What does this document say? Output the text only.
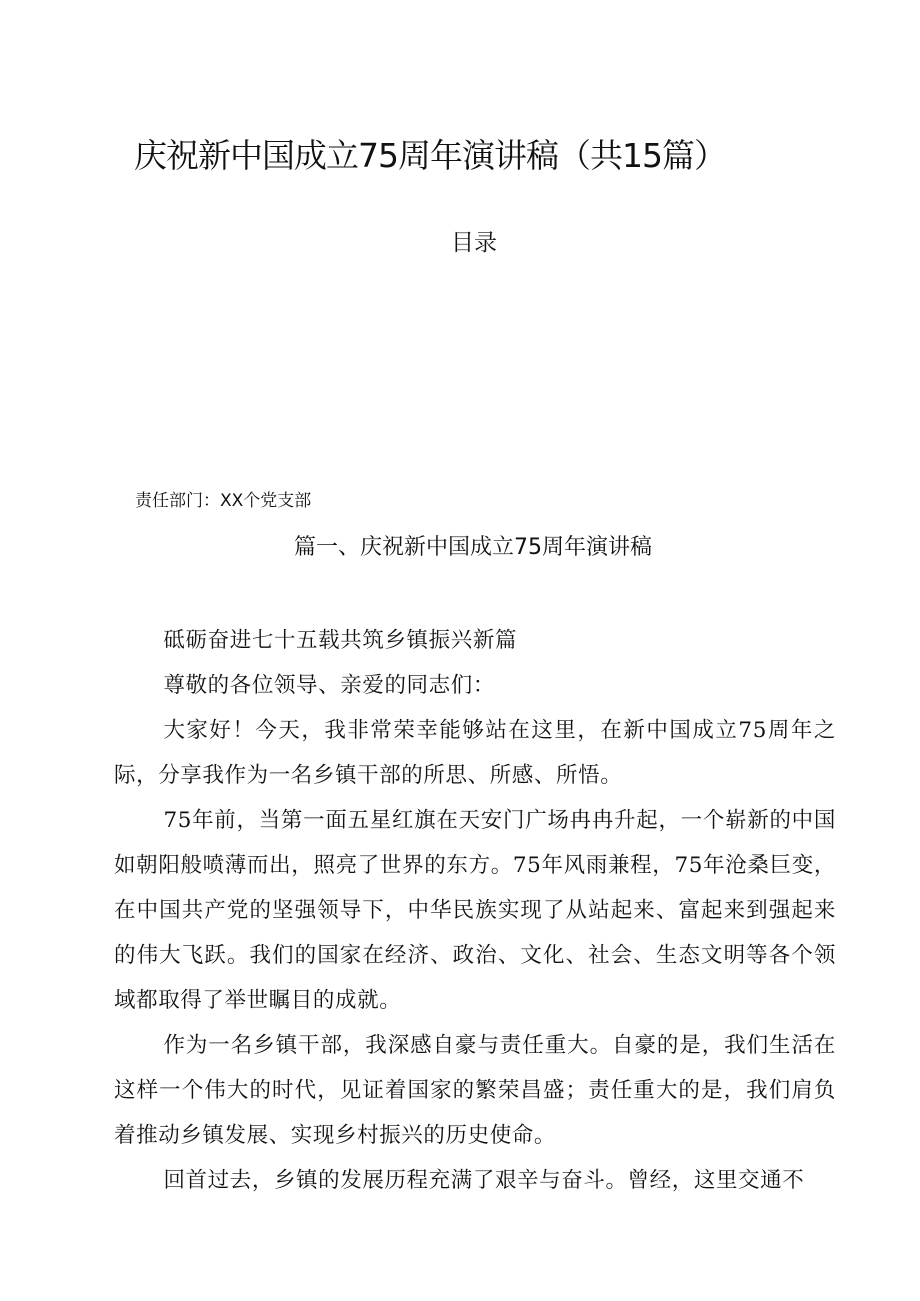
庆祝新中国成立75周年演讲稿（共15篇）
目录
责任部门：XX个党支部
篇一、庆祝新中国成立75周年演讲稿

砥砺奋进七十五载共筑乡镇振兴新篇

尊敬的各位领导、亲爱的同志们：

大家好！今天，我非常荣幸能够站在这里，在新中国成立75周年之际，分享我作为一名乡镇干部的所思、所感、所悟。

75年前，当第一面五星红旗在天安门广场冉冉升起，一个崭新的中国如朝阳般喷薄而出，照亮了世界的东方。75年风雨兼程，75年沧桑巨变，在中国共产党的坚强领导下，中华民族实现了从站起来、富起来到强起来的伟大飞跃。我们的国家在经济、政治、文化、社会、生态文明等各个领域都取得了举世瞩目的成就。

作为一名乡镇干部，我深感自豪与责任重大。自豪的是，我们生活在这样一个伟大的时代，见证着国家的繁荣昌盛；责任重大的是，我们肩负着推动乡镇发展、实现乡村振兴的历史使命。

回首过去，乡镇的发展历程充满了艰辛与奋斗。曾经，这里交通不
